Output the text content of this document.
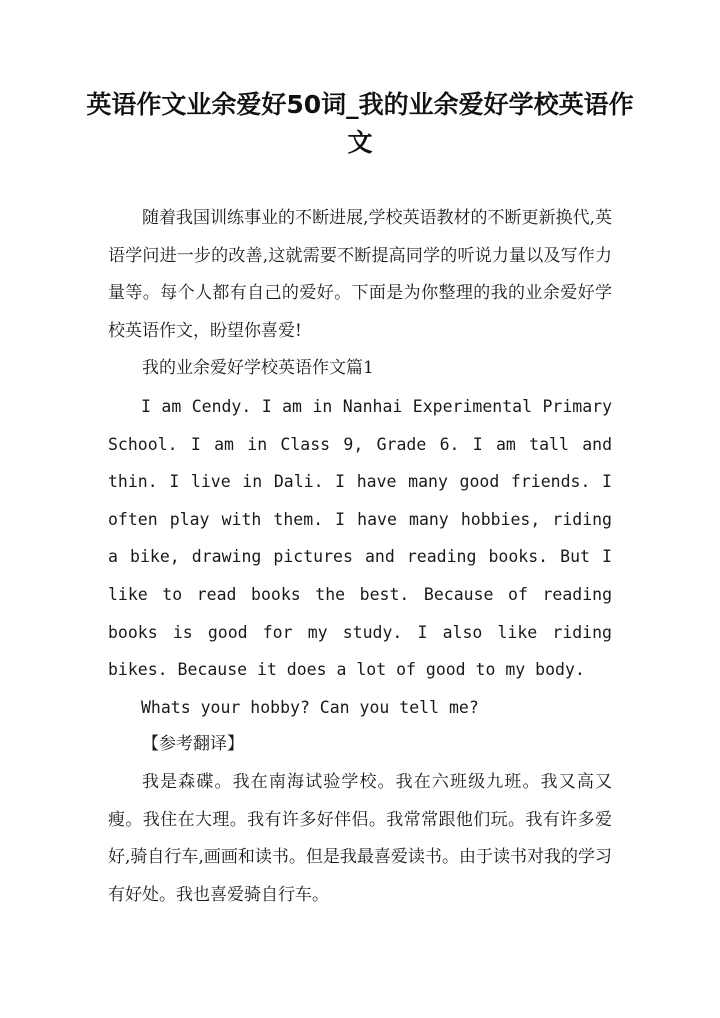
英语作文业余爱好50词_我的业余爱好学校英语作文

随着我国训练事业的不断进展,学校英语教材的不断更新换代,英语学问进一步的改善,这就需要不断提高同学的听说力量以及写作力量等。每个人都有自己的爱好。下面是为你整理的我的业余爱好学校英语作文，盼望你喜爱!

我的业余爱好学校英语作文篇1

I am Cendy. I am in Nanhai Experimental Primary School. I am in Class 9, Grade 6. I am tall and thin. I live in Dali. I have many good friends. I often play with them. I have many hobbies, riding a bike, drawing pictures and reading books. But I like to read books the best. Because of reading books is good for my study. I also like riding bikes. Because it does a lot of good to my body.

Whats your hobby? Can you tell me?

【参考翻译】

我是森碟。我在南海试验学校。我在六班级九班。我又高又瘦。我住在大理。我有许多好伴侣。我常常跟他们玩。我有许多爱好,骑自行车,画画和读书。但是我最喜爱读书。由于读书对我的学习有好处。我也喜爱骑自行车。
